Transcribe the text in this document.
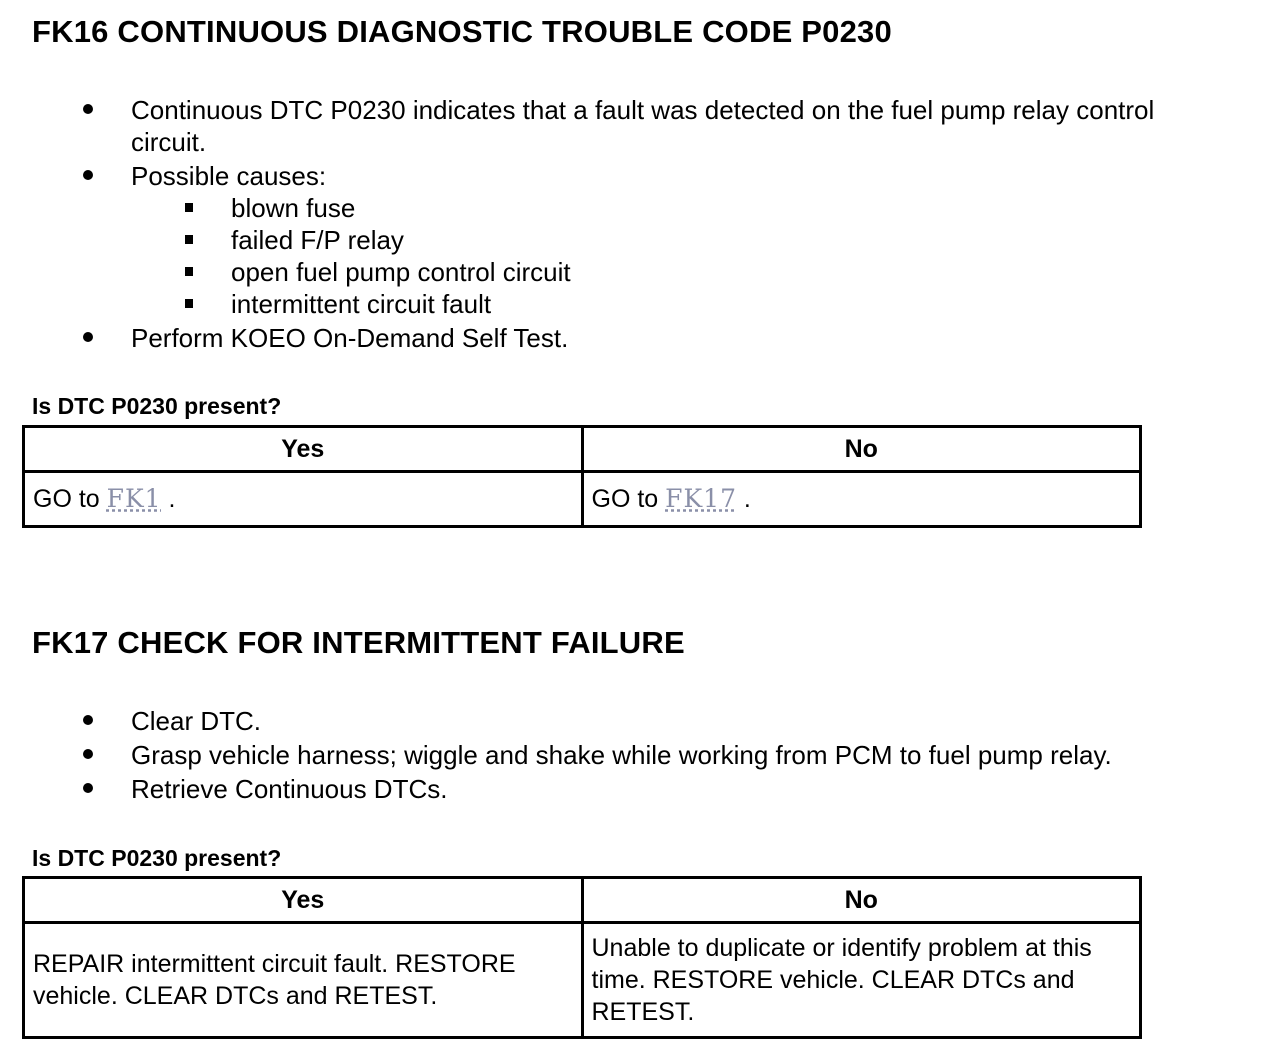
FK16 CONTINUOUS DIAGNOSTIC TROUBLE CODE P0230
Continuous DTC P0230 indicates that a fault was detected on the fuel pump relay control circuit.
Possible causes:
blown fuse
failed F/P relay
open fuel pump control circuit
intermittent circuit fault
Perform KOEO On-Demand Self Test.

Is DTC P0230 present?

Yes	No
GO to FK1 .	GO to FK17 .
FK17 CHECK FOR INTERMITTENT FAILURE
Clear DTC.
Grasp vehicle harness; wiggle and shake while working from PCM to fuel pump relay.
Retrieve Continuous DTCs.

Is DTC P0230 present?

Yes	No
REPAIR intermittent circuit fault. RESTORE vehicle. CLEAR DTCs and RETEST.	Unable to duplicate or identify problem at this time. RESTORE vehicle. CLEAR DTCs and RETEST.
